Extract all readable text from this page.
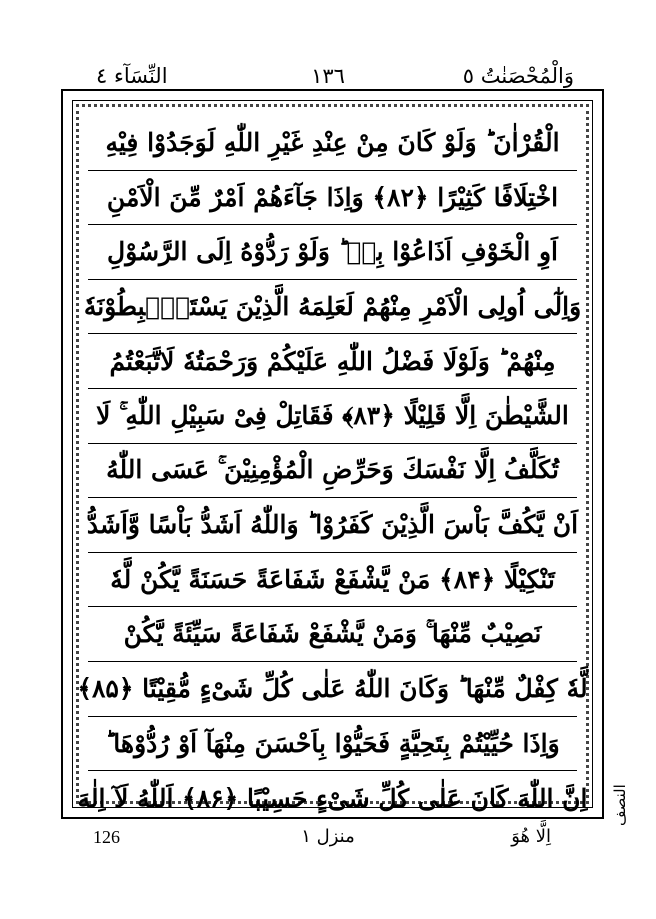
النِّسَآء ٤	١٣٦	وَالْمُحْصَنٰتُ ٥
الْقُرْاٰنَ ؕ وَلَوْ كَانَ مِنْ عِنْدِ غَيْرِ اللّٰهِ لَوَجَدُوْا فِيْهِ
اخْتِلَافًا كَثِيْرًا ﴿۸۲﴾ وَاِذَا جَآءَهُمْ اَمْرٌ مِّنَ الْاَمْنِ
اَوِ الْخَوْفِ اَذَاعُوْا بِهٖ ؕ وَلَوْ رَدُّوْهُ اِلَى الرَّسُوْلِ
وَاِلٰٓى اُولِى الْاَمْرِ مِنْهُمْ لَعَلِمَهُ الَّذِيْنَ يَسْتَنْۢبِطُوْنَهٗ
مِنْهُمْ ؕ وَلَوْلَا فَضْلُ اللّٰهِ عَلَيْكُمْ وَرَحْمَتُهٗ لَاتَّبَعْتُمُ
الشَّيْطٰنَ اِلَّا قَلِيْلًا ﴿۸۳﴾ فَقَاتِلْ فِىْ سَبِيْلِ اللّٰهِ ۚ لَا
تُكَلَّفُ اِلَّا نَفْسَكَ وَحَرِّضِ الْمُؤْمِنِيْنَ ۚ عَسَى اللّٰهُ
اَنْ يَّكُفَّ بَاْسَ الَّذِيْنَ كَفَرُوْا ؕ وَاللّٰهُ اَشَدُّ بَاْسًا وَّاَشَدُّ
تَنْكِيْلًا ﴿۸۴﴾ مَنْ يَّشْفَعْ شَفَاعَةً حَسَنَةً يَّكُنْ لَّهٗ
نَصِيْبٌ مِّنْهَا ۚ وَمَنْ يَّشْفَعْ شَفَاعَةً سَيِّئَةً يَّكُنْ
لَّهٗ كِفْلٌ مِّنْهَا ؕ وَكَانَ اللّٰهُ عَلٰى كُلِّ شَىْءٍ مُّقِيْتًا ﴿۸۵﴾
وَاِذَا حُيِّيْتُمْ بِتَحِيَّةٍ فَحَيُّوْا بِاَحْسَنَ مِنْهَآ اَوْ رُدُّوْهَا ؕ
اِنَّ اللّٰهَ كَانَ عَلٰى كُلِّ شَىْءٍ حَسِيْبًا ﴿۸۶﴾ اَللّٰهُ لَآ اِلٰهَ النصف
126	منزل ١	اِلَّا هُوَ
